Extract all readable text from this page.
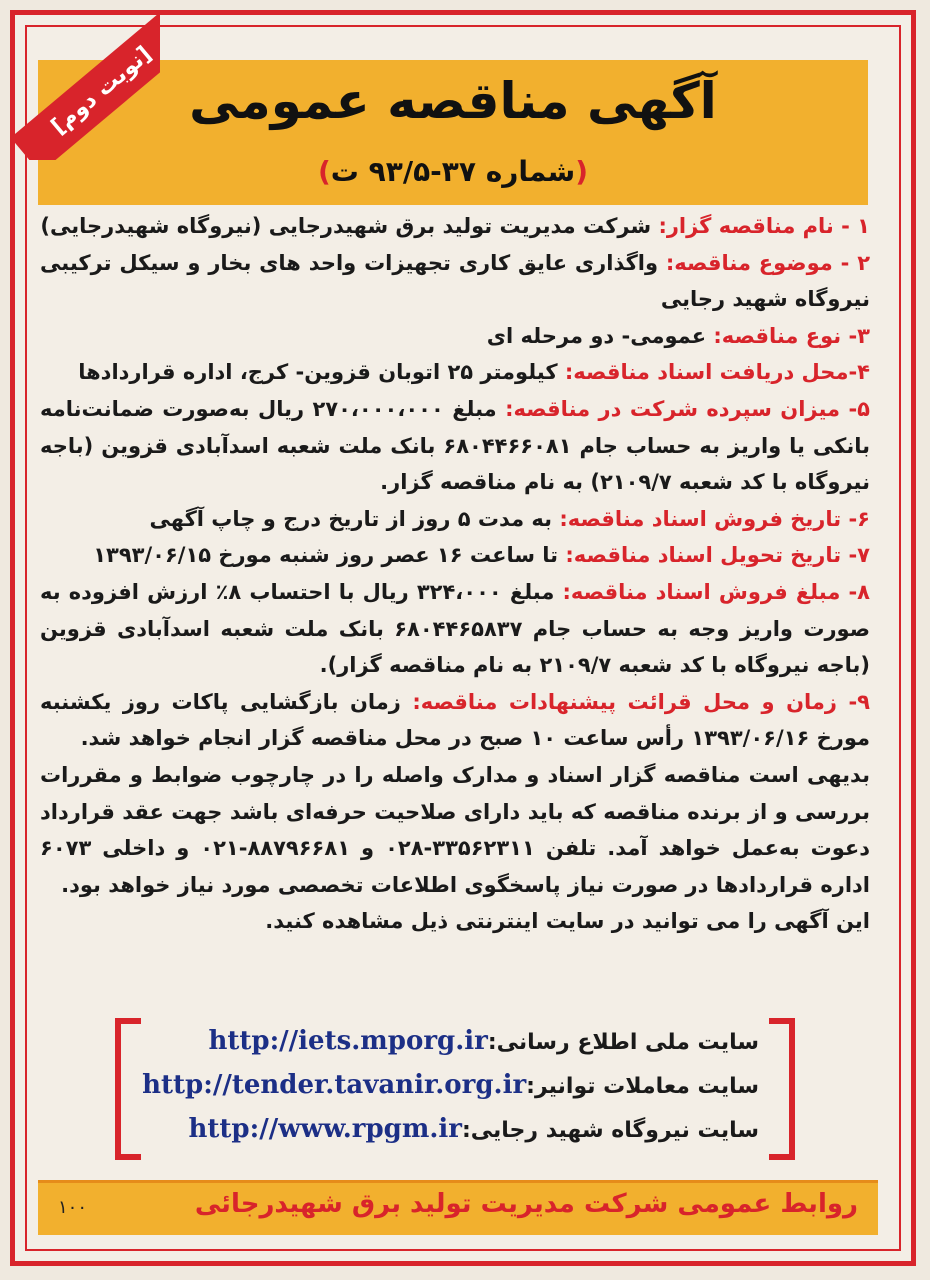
[نوبت دوم] آگهی مناقصه عمومی
(شماره ۳۷-۹۳/۵ ت)

۱ - نام مناقصه گزار: شرکت مدیریت تولید برق شهیدرجایی (نیروگاه شهیدرجایی)

۲ - موضوع مناقصه: واگذاری عایق کاری تجهیزات واحد های بخار و سیکل ترکیبی نیروگاه شهید رجایی

۳- نوع مناقصه: عمومی- دو مرحله ای

۴-محل دریافت اسناد مناقصه: کیلومتر ۲۵ اتوبان قزوین- کرج، اداره قراردادها

۵- میزان سپرده شرکت در مناقصه: مبلغ ۲۷۰،۰۰۰،۰۰۰ ریال به‌صورت ضمانت‌نامه بانکی یا واریز به حساب جام ۶۸۰۴۴۶۶۰۸۱ بانک ملت شعبه اسدآبادی قزوین (باجه نیروگاه با کد شعبه ۲۱۰۹/۷) به نام مناقصه گزار.

۶- تاریخ فروش اسناد مناقصه: به مدت ۵ روز از تاریخ درج و چاپ آگهی

۷- تاریخ تحویل اسناد مناقصه: تا ساعت ۱۶ عصر روز شنبه مورخ ۱۳۹۳/۰۶/۱۵

۸- مبلغ فروش اسناد مناقصه: مبلغ ۳۲۴،۰۰۰ ریال با احتساب ۸٪ ارزش افزوده به صورت واریز وجه به حساب جام ۶۸۰۴۴۶۵۸۳۷ بانک ملت شعبه اسدآبادی قزوین (باجه نیروگاه با کد شعبه ۲۱۰۹/۷ به نام مناقصه گزار).

۹- زمان و محل قرائت پیشنهادات مناقصه: زمان بازگشایی پاکات روز یکشنبه مورخ ۱۳۹۳/۰۶/۱۶ رأس ساعت ۱۰ صبح در محل مناقصه گزار انجام خواهد شد.

بدیهی است مناقصه گزار اسناد و مدارک واصله را در چارچوب ضوابط و مقررات بررسی و از برنده مناقصه که باید دارای صلاحیت حرفه‌ای باشد جهت عقد قرارداد دعوت به‌عمل خواهد آمد. تلفن ۳۳۵۶۲۳۱۱-۰۲۸ و ۸۸۷۹۶۶۸۱-۰۲۱ و داخلی ۶۰۷۳ اداره قراردادها در صورت نیاز پاسخگوی اطلاعات تخصصی مورد نیاز خواهد بود.

این آگهی را می توانید در سایت اینترنتی ذیل مشاهده کنید.

سایت ملی اطلاع رسانی:http://iets.mporg.ir
سایت معاملات توانیر:http://tender.tavanir.org.ir
سایت نیروگاه شهید رجایی:http://www.rpgm.ir
روابط عمومی شرکت مدیریت تولید برق شهیدرجائی
۱۰۰
